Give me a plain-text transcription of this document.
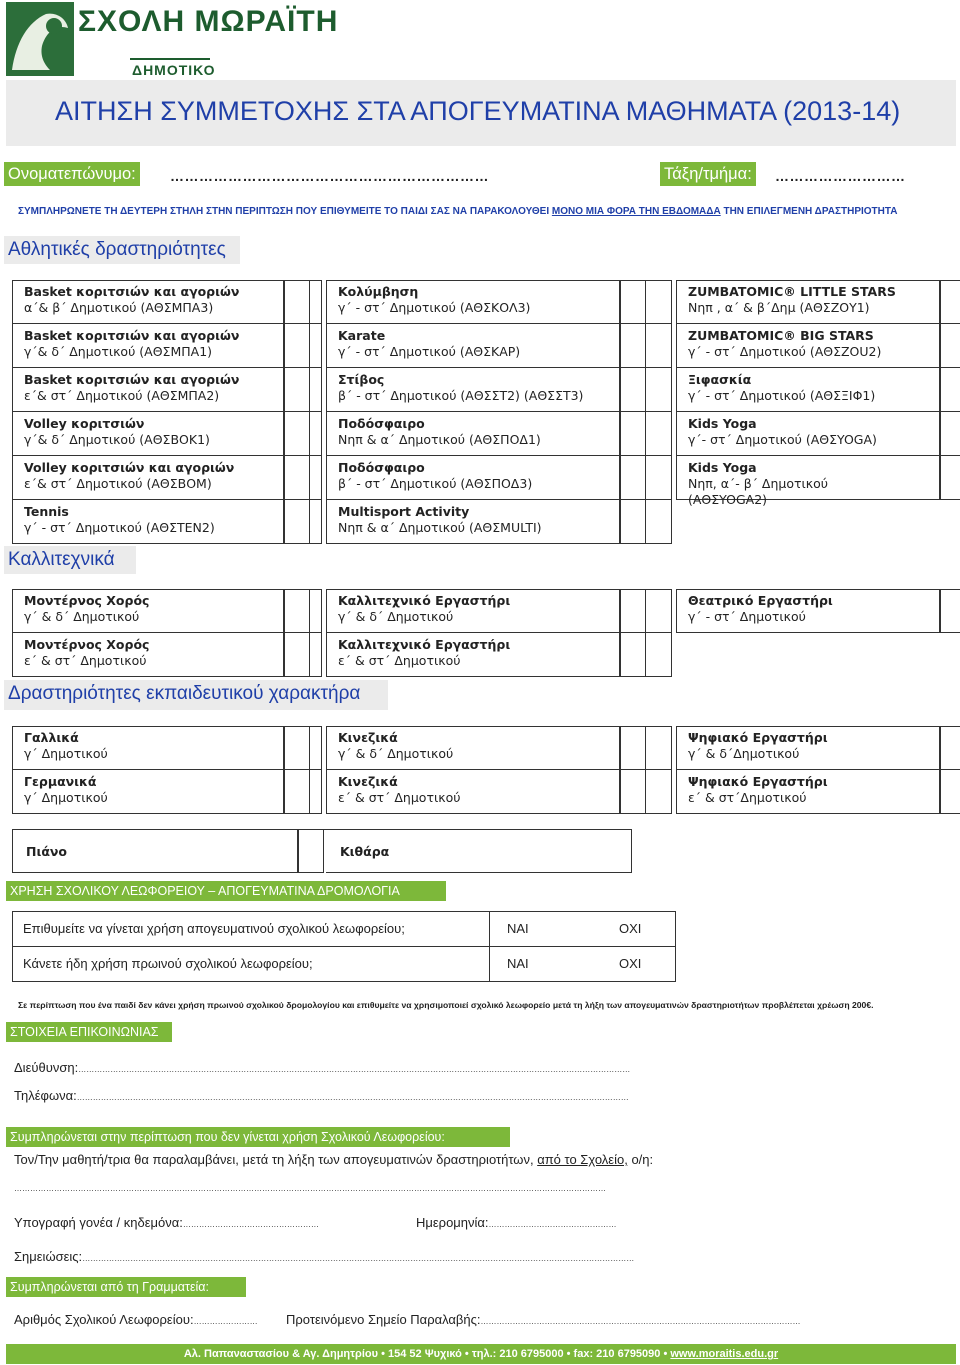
ΣΧΟΛΗ ΜΩΡΑΪΤΗ
ΔΗΜΟΤΙΚΟ
ΑΙΤΗΣΗ ΣΥΜΜΕΤΟΧΗΣ ΣΤΑ ΑΠΟΓΕΥΜΑΤΙΝΑ ΜΑΘΗΜΑΤΑ (2013-14)
Ονοματεπώνυμο: …………………………………………………………	Τάξη/τμήμα: ………………………
ΣΥΜΠΛΗΡΩΝΕΤΕ ΤΗ ΔΕΥΤΕΡΗ ΣΤΗΛΗ ΣΤΗΝ ΠΕΡΙΠΤΩΣΗ ΠΟΥ ΕΠΙΘΥΜΕΙΤΕ ΤΟ ΠΑΙΔΙ ΣΑΣ ΝΑ ΠΑΡΑΚΟΛΟΥΘΕΙ ΜΟΝΟ ΜΙΑ ΦΟΡΑ ΤΗΝ ΕΒΔΟΜΑΔΑ ΤΗΝ ΕΠΙΛΕΓΜΕΝΗ ΔΡΑΣΤΗΡΙΟΤΗΤΑ
Αθλητικές δραστηριότητες
Basket κοριτσιών και αγοριών
α΄& β΄ Δημοτικού (ΑΘΣΜΠΑ3)
Basket κοριτσιών και αγοριών
γ΄& δ΄ Δημοτικού (ΑΘΣΜΠΑ1)
Basket κοριτσιών και αγοριών
ε΄& στ΄ Δημοτικού (ΑΘΣΜΠΑ2)
Volley κοριτσιών
γ΄& δ΄ Δημοτικού (ΑΘΣΒΟΚ1)
Volley κοριτσιών και αγοριών
ε΄& στ΄ Δημοτικού (ΑΘΣΒΟΜ)
Tennis
γ΄ - στ΄ Δημοτικού (ΑΘΣΤΕΝ2)
Κολύμβηση
γ΄ - στ΄ Δημοτικού (ΑΘΣΚΟΛ3)
Karate
γ΄ - στ΄ Δημοτικού (ΑΘΣΚΑΡ)
Στίβος
β΄ - στ΄ Δημοτικού (ΑΘΣΣΤ2) (ΑΘΣΣΤ3)
Ποδόσφαιρο
Νηπ & α΄ Δημοτικού (ΑΘΣΠΟΔ1)
Ποδόσφαιρο
β΄ - στ΄ Δημοτικού (ΑΘΣΠΟΔ3)
Multisport Activity
Νηπ & α΄ Δημοτικού (ΑΘΣMULTI)
ZUMBATOMIC® LITTLE STARS
Νηπ , α΄ & β΄Δημ (ΑΘΣΖΟΥ1)
ZUMBATOMIC® BIG STARS
γ΄ - στ΄ Δημοτικού (ΑΘΣΖOU2)
Ξιφασκία
γ΄ - στ΄ Δημοτικού (ΑΘΣΞΙΦ1)
Kids Yoga
γ΄- στ΄ Δημοτικού (ΑΘΣYOGA)
Kids Yoga
Νηπ, α΄- β΄ Δημοτικού
(ΑΘΣYOGA2)
Καλλιτεχνικά
Μοντέρνος Χορός
γ΄ & δ΄ Δημοτικού
Μοντέρνος Χορός
ε΄ & στ΄ Δημοτικού
Καλλιτεχνικό Εργαστήρι
γ΄ & δ΄ Δημοτικού
Καλλιτεχνικό Εργαστήρι
ε΄ & στ΄ Δημοτικού
Θεατρικό Εργαστήρι
γ΄ - στ΄ Δημοτικού
Δραστηριότητες εκπαιδευτικού χαρακτήρα
Γαλλικά
γ΄ Δημοτικού
Γερμανικά
γ΄ Δημοτικού
Κινεζικά
γ΄ & δ΄ Δημοτικού
Κινεζικά
ε΄ & στ΄ Δημοτικού
Ψηφιακό Εργαστήρι
γ΄ & δ΄Δημοτικού
Ψηφιακό Εργαστήρι
ε΄ & στ΄Δημοτικού
Πιάνο	Κιθάρα
ΧΡΗΣΗ ΣΧΟΛΙΚΟΥ ΛΕΩΦΟΡΕΙΟΥ – ΑΠΟΓΕΥΜΑΤΙΝΑ ΔΡΟΜΟΛΟΓΙΑ
Επιθυμείτε να γίνεται χρήση απογευματινού σχολικού λεωφορείου;	ΝΑΙ	ΟΧΙ
Κάνετε ήδη χρήση πρωινού σχολικού λεωφορείου;	ΝΑΙ	ΟΧΙ
Σε περίπτωση που ένα παιδί δεν κάνει χρήση πρωινού σχολικού δρομολογίου και επιθυμείτε να χρησιμοποιεί σχολικό λεωφορείο μετά τη λήξη των απογευματινών δραστηριοτήτων προβλέπεται χρέωση 200€.
ΣΤΟΙΧΕΙΑ ΕΠΙΚΟΙΝΩΝΙΑΣ
Διεύθυνση:………………………………………………………………………………………………………………………………………………………………………………………
Τηλέφωνα:………………………………………………………………………………………………………………………………………………………………………………………
Συμπληρώνεται στην περίπτωση που δεν γίνεται χρήση Σχολικού Λεωφορείου:
Τον/Την μαθητή/τρια θα παραλαμβάνει, μετά τη λήξη των απογευματινών δραστηριοτήτων, από το Σχολείο, ο/η:
……………………………………………………………………………………………………………………………………………………………………………………………………
Υπογραφή γονέα / κηδεμόνα:……………………………………………	Ημερομηνία:…………………………………………
Σημειώσεις:………………………………………………………………………………………………………………………………………………………………………………………
Συμπληρώνεται από τη Γραμματεία:
Αριθμός Σχολικού Λεωφορείου:…………………… Προτεινόμενο Σημείο Παραλαβής:…………………………………………………………………………………………………………
Αλ. Παπαναστασίου & Αγ. Δημητρίου • 154 52 Ψυχικό • τηλ.: 210 6795000 • fax: 210 6795090 • www.moraitis.edu.gr
